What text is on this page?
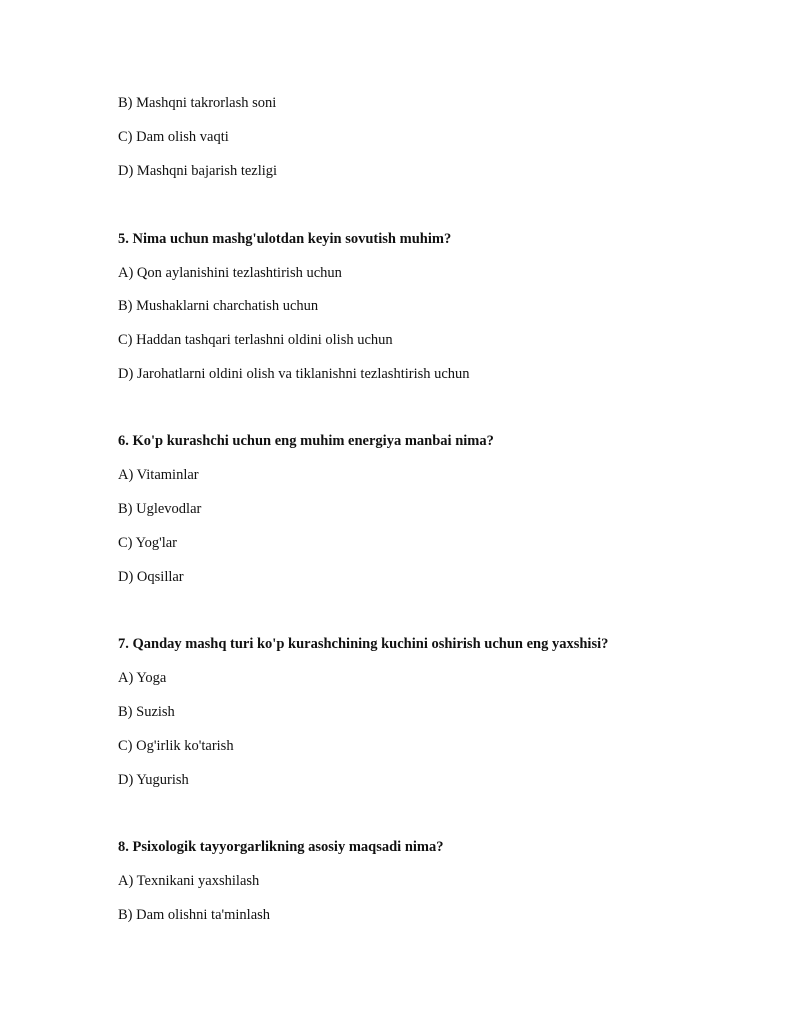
B) Mashqni takrorlash soni
C) Dam olish vaqti
D) Mashqni bajarish tezligi
5. Nima uchun mashg'ulotdan keyin sovutish muhim?
A) Qon aylanishini tezlashtirish uchun
B) Mushaklarni charchatish uchun
C) Haddan tashqari terlashni oldini olish uchun
D) Jarohatlarni oldini olish va tiklanishni tezlashtirish uchun
6. Ko'p kurashchi uchun eng muhim energiya manbai nima?
A) Vitaminlar
B) Uglevodlar
C) Yog'lar
D) Oqsillar
7. Qanday mashq turi ko'p kurashchining kuchini oshirish uchun eng yaxshisi?
A) Yoga
B) Suzish
C) Og'irlik ko'tarish
D) Yugurish
8. Psixologik tayyorgarlikning asosiy maqsadi nima?
A) Texnikani yaxshilash
B) Dam olishni ta'minlash
